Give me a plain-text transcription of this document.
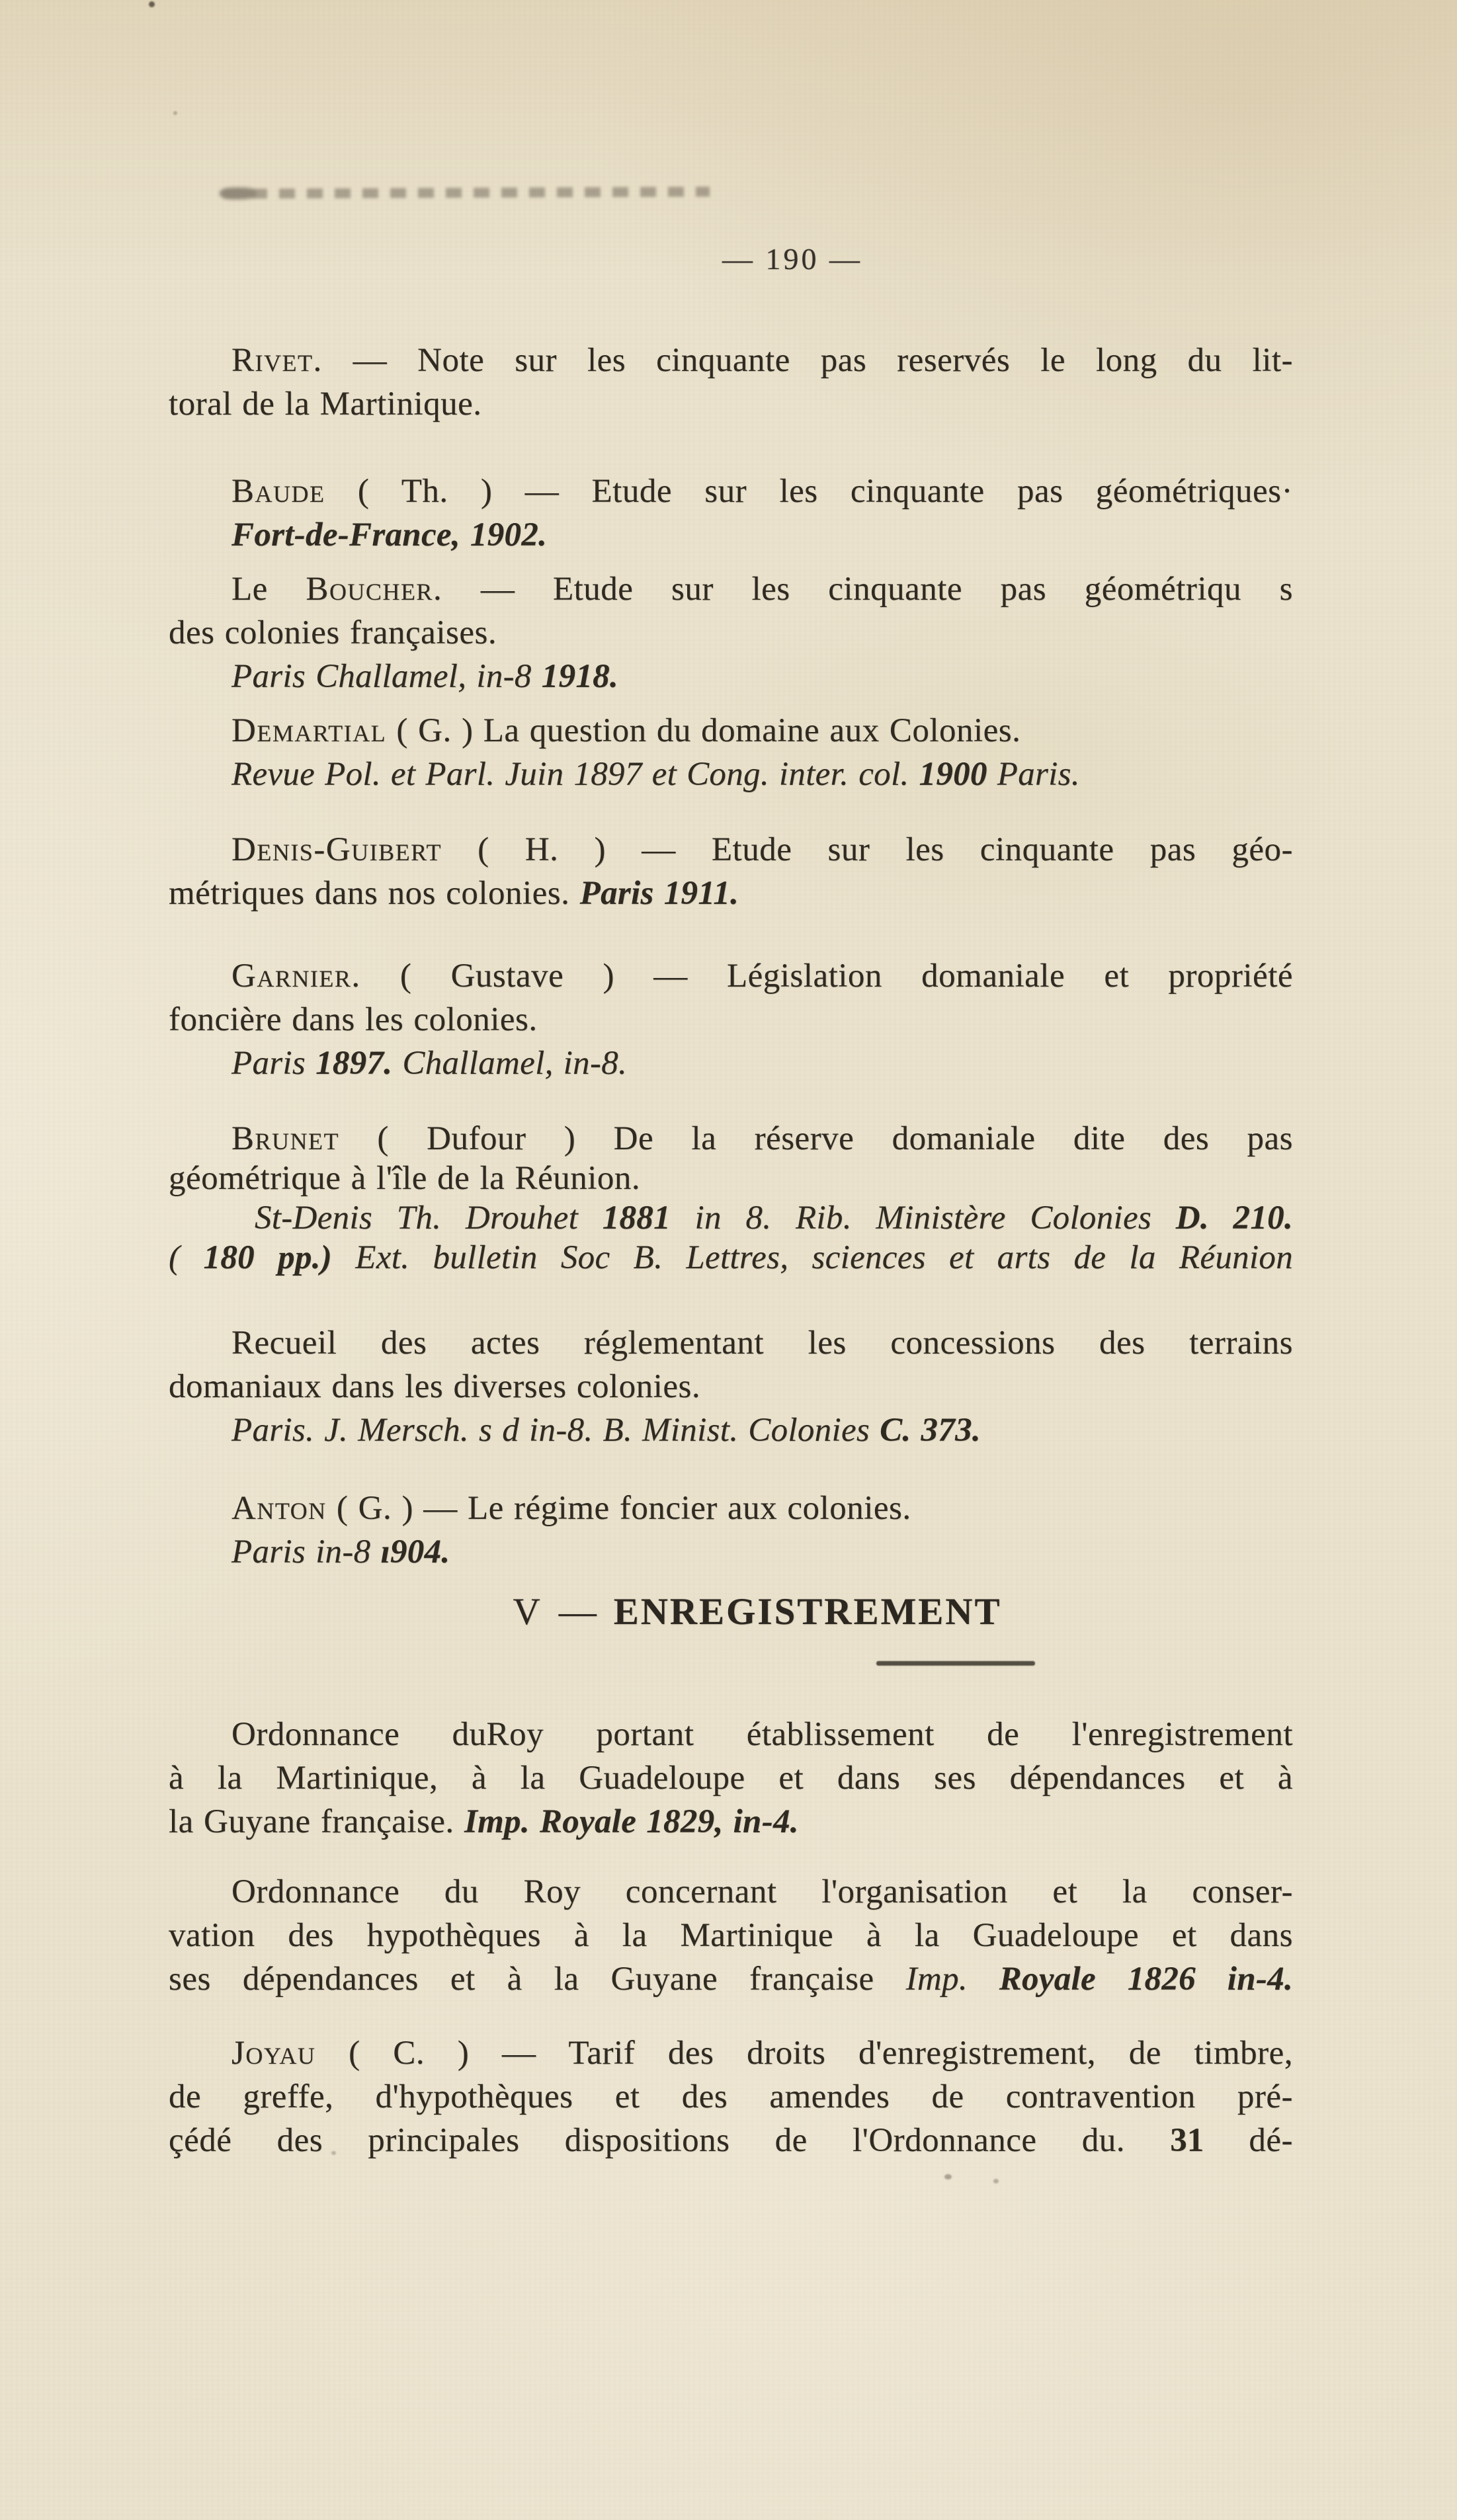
— 190 —
Rivet. — Note sur les cinquante pas reservés le long du lit-
toral de la Martinique.
Baude ( Th. ) — Etude sur les cinquante pas géométriques·
Fort-de-France, 1902.
Le Boucher. — Etude sur les cinquante pas géométriqu s
des colonies françaises.
Paris Challamel, in-8 1918.
Demartial ( G. ) La question du domaine aux Colonies.
Revue Pol. et Parl. Juin 1897 et Cong. inter. col. 1900 Paris.
Denis-Guibert ( H. ) — Etude sur les cinquante pas géo-
métriques dans nos colonies. Paris 1911.
Garnier. ( Gustave ) — Législation domaniale et propriété
foncière dans les colonies.
Paris 1897. Challamel, in-8.
Brunet ( Dufour ) De la réserve domaniale dite des pas
géométrique à l'île de la Réunion.
St-Denis Th. Drouhet 1881 in 8. Rib. Ministère Colonies D. 210.
( 180 pp.) Ext. bulletin Soc B. Lettres, sciences et arts de la Réunion
Recueil des actes réglementant les concessions des terrains
domaniaux dans les diverses colonies.
Paris. J. Mersch. s d in-8. B. Minist. Colonies C. 373.
Anton ( G. ) — Le régime foncier aux colonies.
Paris in-8 ı904.
Ordonnance duRoy portant établissement de l'enregistrement
à la Martinique, à la Guadeloupe et dans ses dépendances et à
la Guyane française. Imp. Royale 1829, in-4.
Ordonnance du Roy concernant l'organisation et la conser-
vation des hypothèques à la Martinique à la Guadeloupe et dans
ses dépendances et à la Guyane française Imp. Royale 1826 in-4.
Joyau ( C. ) — Tarif des droits d'enregistrement, de timbre,
de greffe, d'hypothèques et des amendes de contravention pré-
çédé des principales dispositions de l'Ordonnance du. 31 dé-
V — ENREGISTREMENT
